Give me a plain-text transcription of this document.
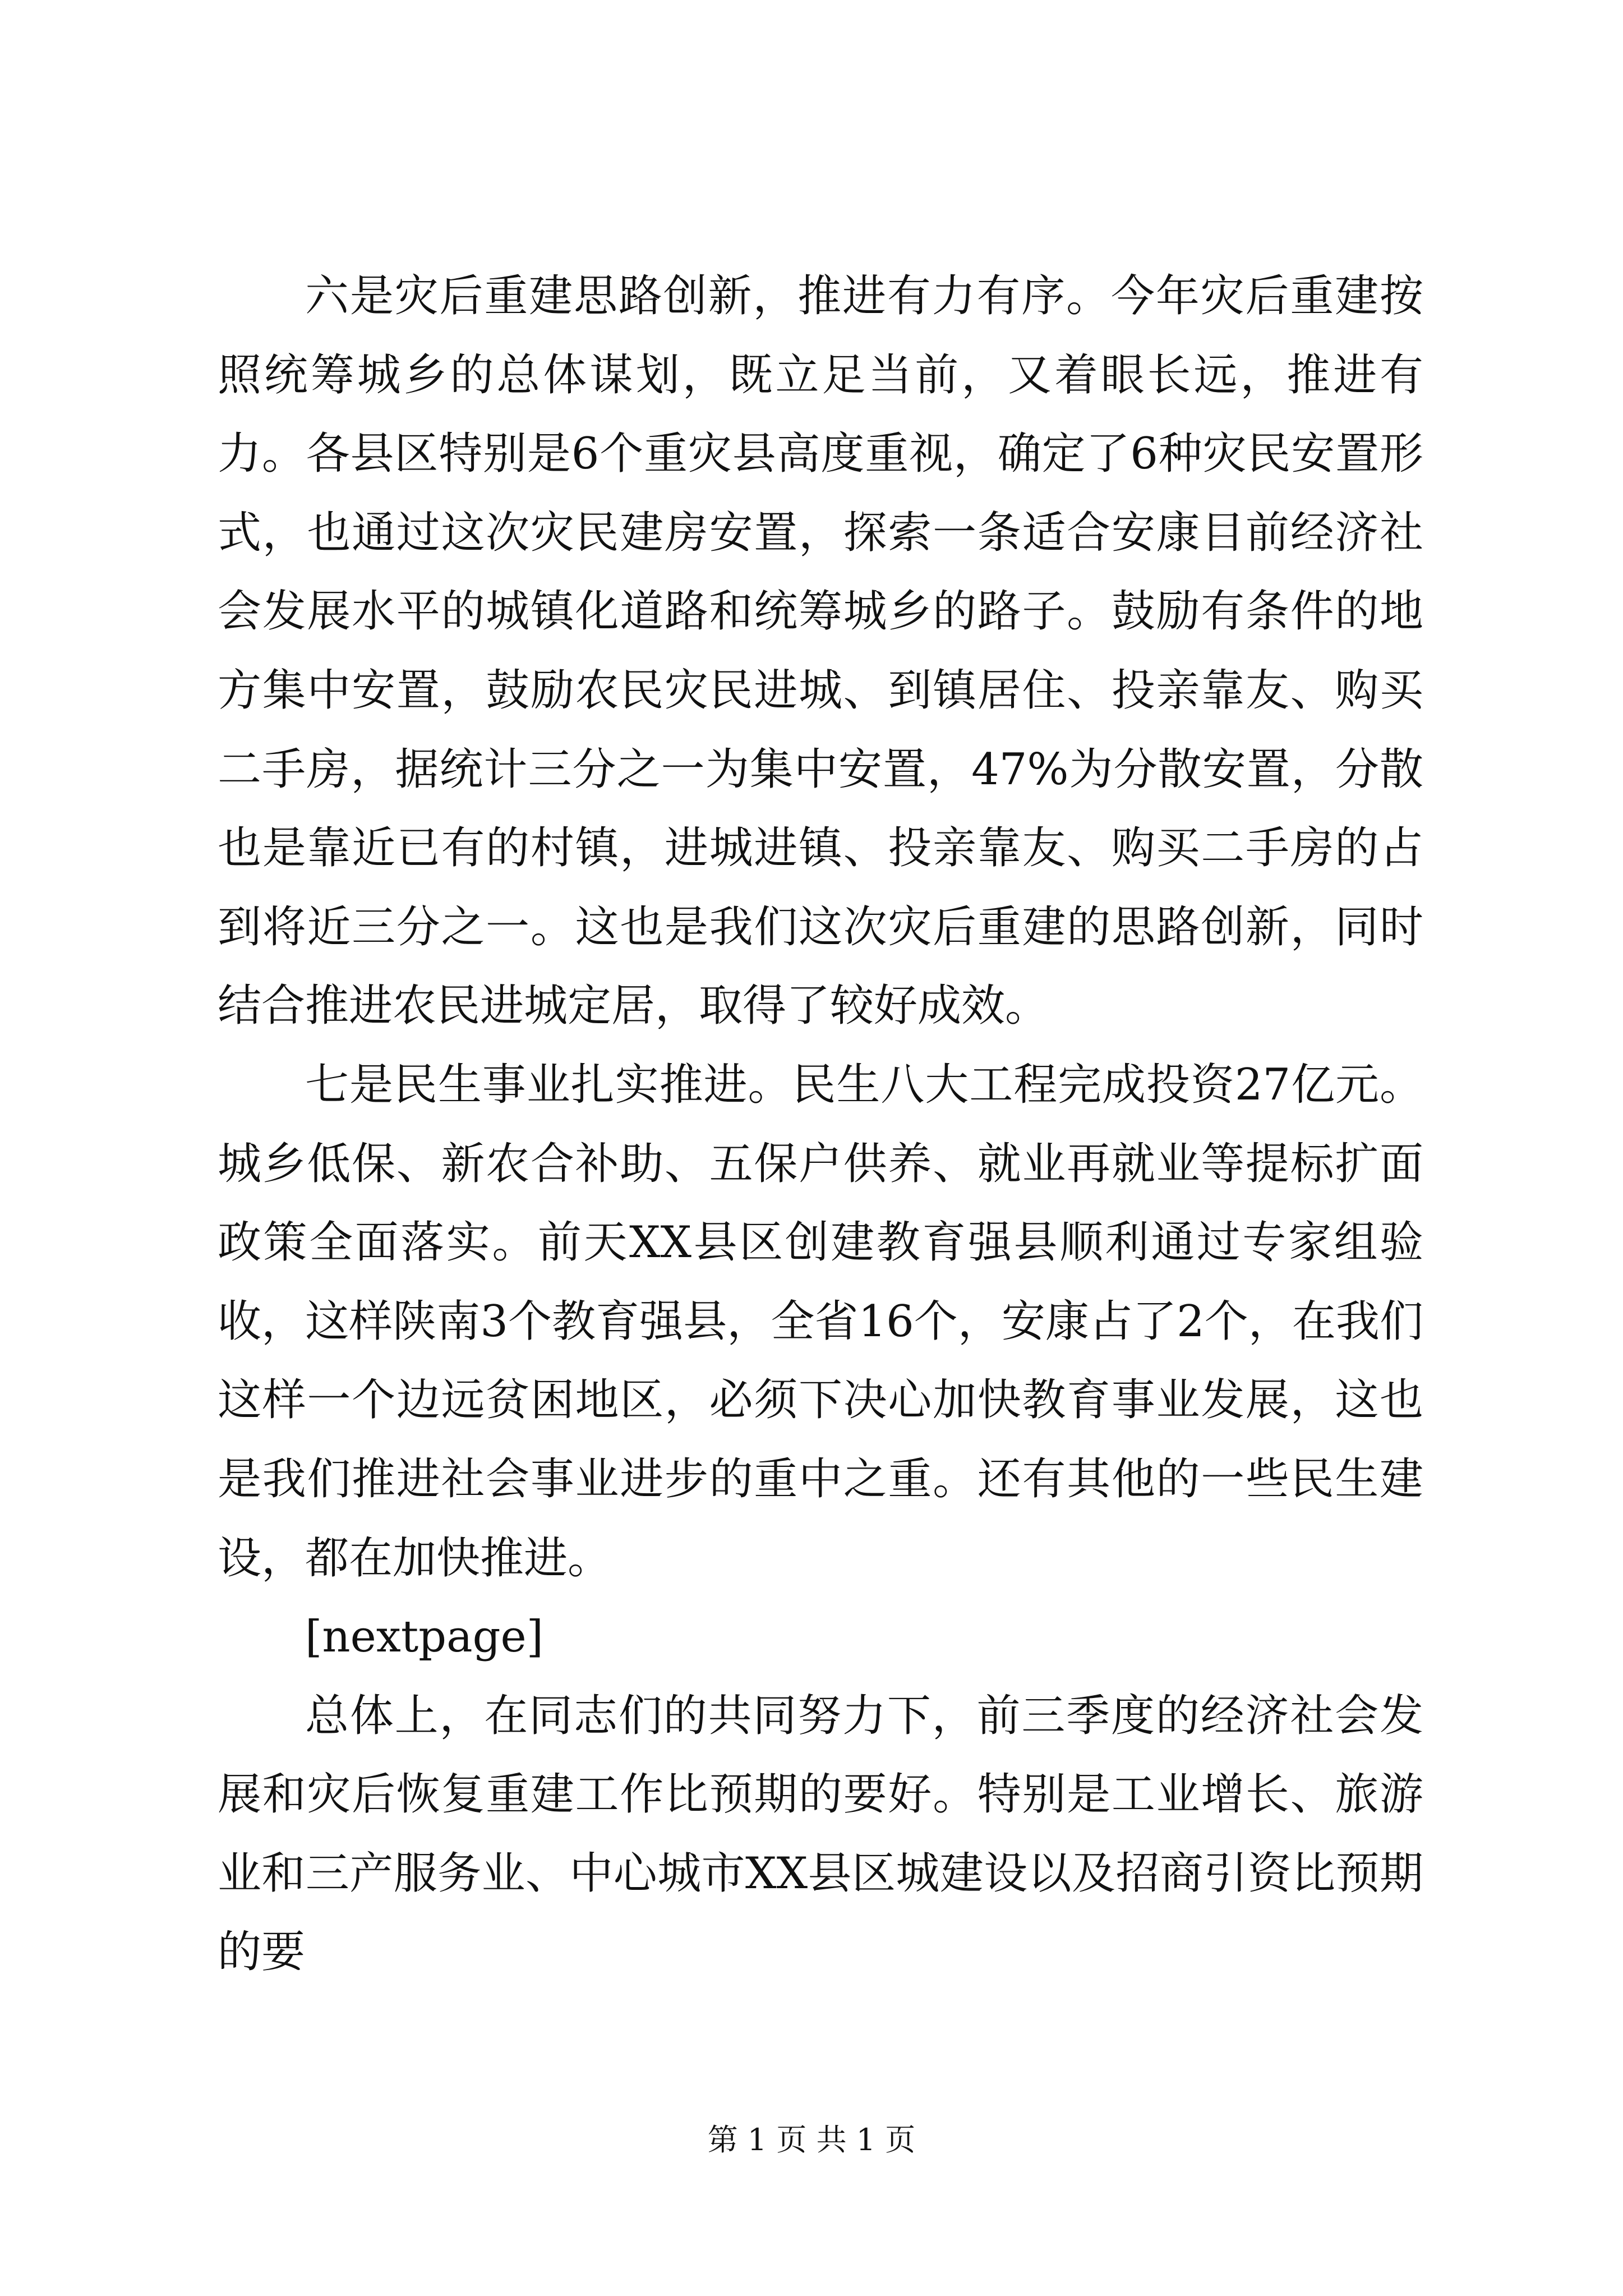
六是灾后重建思路创新，推进有力有序。今年灾后重建按照统筹城乡的总体谋划，既立足当前，又着眼长远，推进有力。各县区特别是6个重灾县高度重视，确定了6种灾民安置形式，也通过这次灾民建房安置，探索一条适合安康目前经济社会发展水平的城镇化道路和统筹城乡的路子。鼓励有条件的地方集中安置，鼓励农民灾民进城、到镇居住、投亲靠友、购买二手房，据统计三分之一为集中安置，47%为分散安置，分散也是靠近已有的村镇，进城进镇、投亲靠友、购买二手房的占到将近三分之一。这也是我们这次灾后重建的思路创新，同时结合推进农民进城定居，取得了较好成效。

七是民生事业扎实推进。民生八大工程完成投资27亿元。城乡低保、新农合补助、五保户供养、就业再就业等提标扩面政策全面落实。前天XX县区创建教育强县顺利通过专家组验收，这样陕南3个教育强县，全省16个，安康占了2个，在我们这样一个边远贫困地区，必须下决心加快教育事业发展，这也是我们推进社会事业进步的重中之重。还有其他的一些民生建设，都在加快推进。

[nextpage]

总体上，在同志们的共同努力下，前三季度的经济社会发展和灾后恢复重建工作比预期的要好。特别是工业增长、旅游业和三产服务业、中心城市XX县区城建设以及招商引资比预期的要

第 1 页 共 1 页
